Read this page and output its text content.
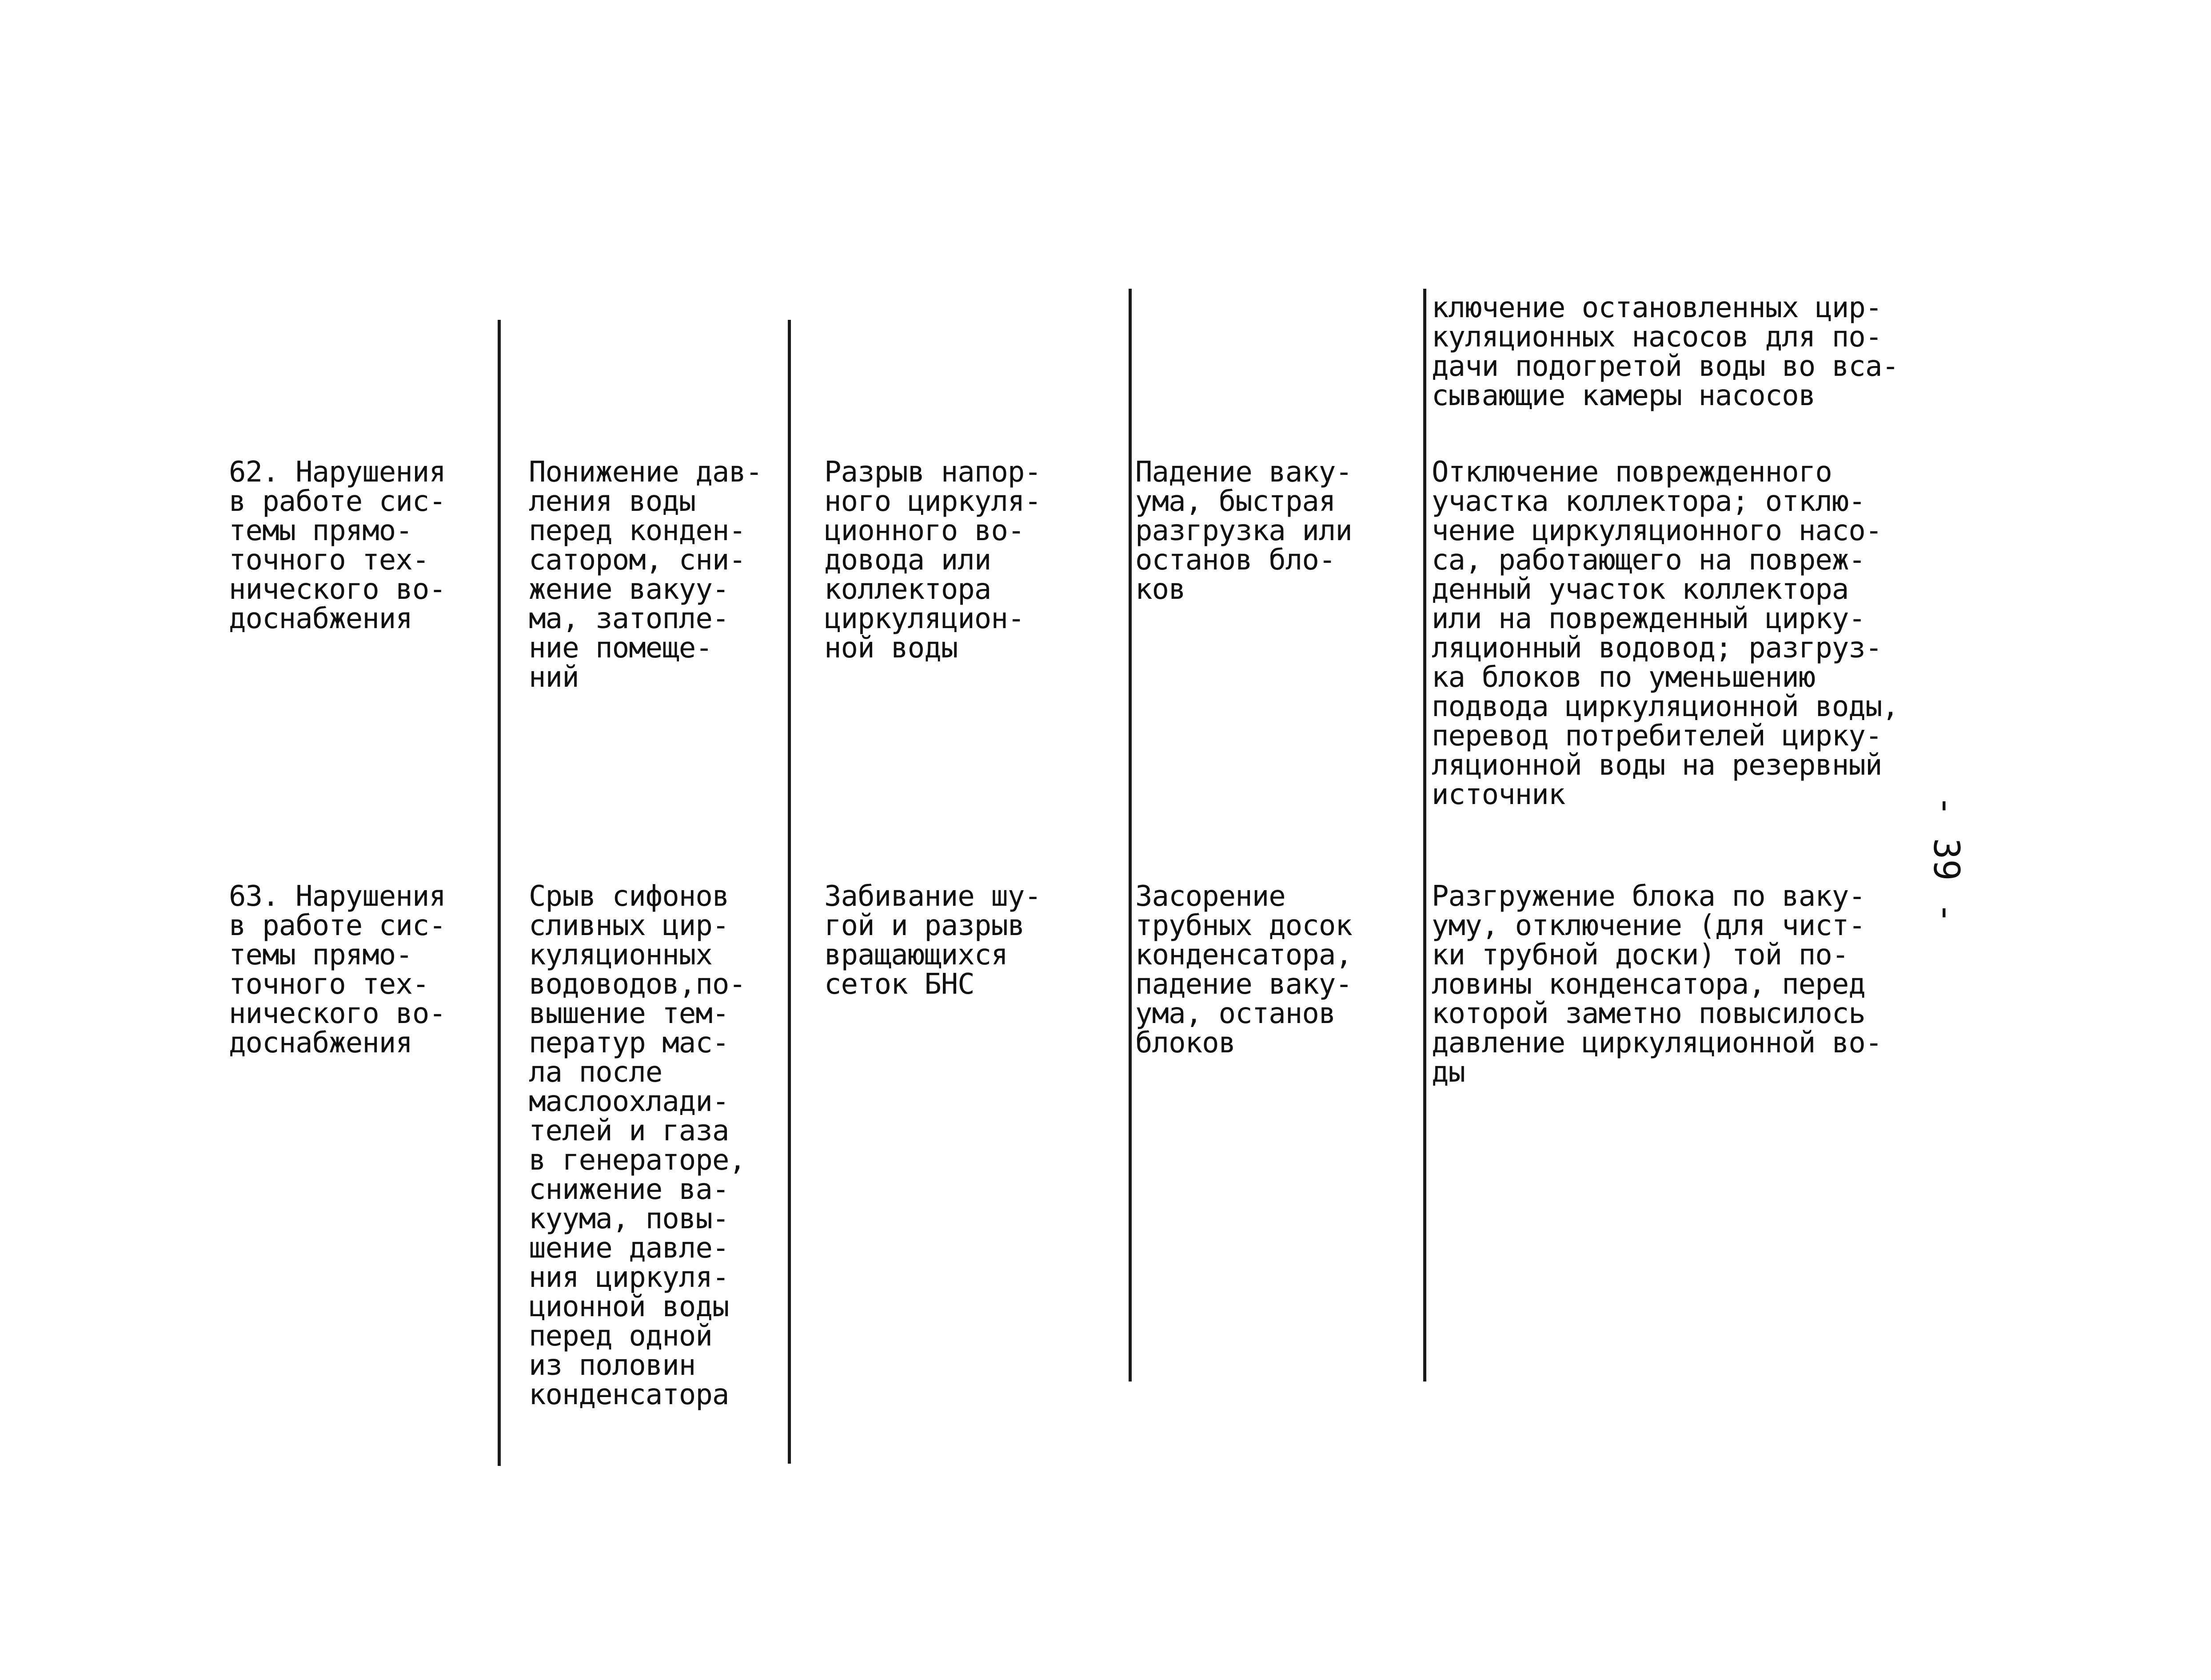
ключение остановленных цир-
куляционных насосов для по-
дачи подогретой воды во вса-
сывающие камеры насосов
62. Нарушения
в работе сис-
темы прямо-
точного тех-
нического во-
доснабжения
Понижение дав-
ления воды
перед конден-
сатором, сни-
жение вакуу-
ма, затопле-
ние помеще-
ний
Разрыв напор-
ного циркуля-
ционного во-
довода или
коллектора
циркуляцион-
ной воды
Падение ваку-
ума, быстрая
разгрузка или
останов бло-
ков
Отключение поврежденного
участка коллектора; отклю-
чение циркуляционного насо-
са, работающего на повреж-
денный участок коллектора
или на поврежденный цирку-
ляционный водовод; разгруз-
ка блоков по уменьшению
подвода циркуляционной воды,
перевод потребителей цирку-
ляционной воды на резервный
источник
63. Нарушения
в работе сис-
темы прямо-
точного тех-
нического во-
доснабжения
Срыв сифонов
сливных цир-
куляционных
водоводов,по-
вышение тем-
ператур мас-
ла после
маслоохлади-
телей и газа
в генераторе,
снижение ва-
куума, повы-
шение давле-
ния циркуля-
ционной воды
перед одной
из половин
конденсатора
Забивание шу-
гой и разрыв
вращающихся
сеток БНС
Засорение
трубных досок
конденсатора,
падение ваку-
ума, останов
блоков
Разгружение блока по ваку-
уму, отключение (для чист-
ки трубной доски) той по-
ловины конденсатора, перед
которой заметно повысилось
давление циркуляционной во-
ды
- 39 -
